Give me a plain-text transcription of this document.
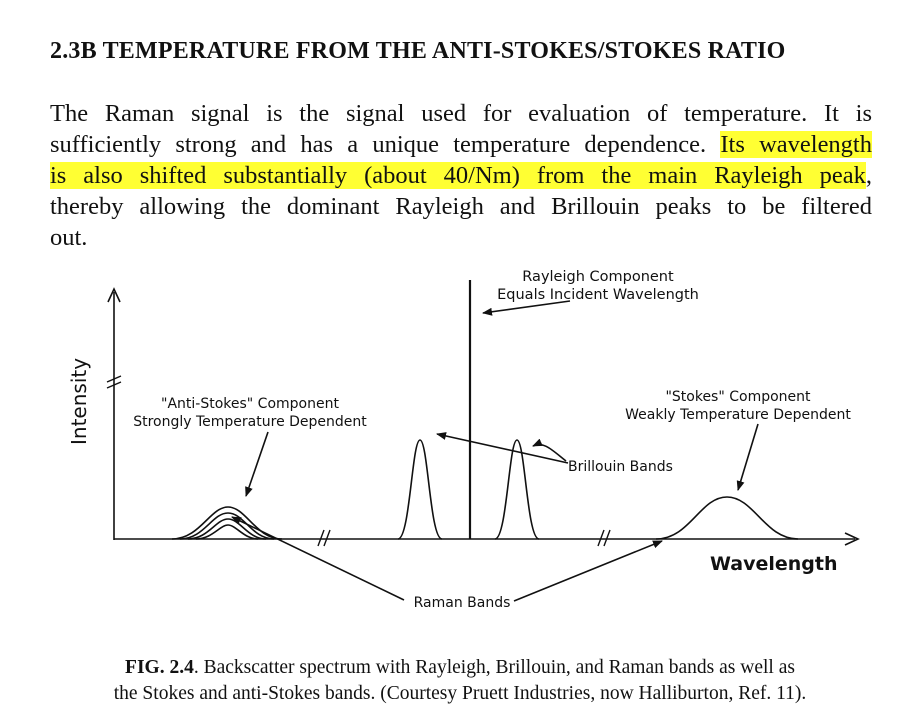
2.3B TEMPERATURE FROM THE ANTI-STOKES/STOKES RATIO
The Raman signal is the signal used for evaluation of temperature. It is
sufficiently strong and has a unique temperature dependence. Its wavelength
is also shifted substantially (about 40/Nm) from the main Rayleigh peak,
thereby allowing the dominant Rayleigh and Brillouin peaks to be filtered
out.
Intensity
Wavelength
Rayleigh Component
Equals Incident Wavelength
"Anti-Stokes" Component
Strongly Temperature Dependent
"Stokes" Component
Weakly Temperature Dependent
Brillouin Bands
Raman Bands
FIG. 2.4. Backscatter spectrum with Rayleigh, Brillouin, and Raman bands as well as
the Stokes and anti-Stokes bands. (Courtesy Pruett Industries, now Halliburton, Ref. 11).
